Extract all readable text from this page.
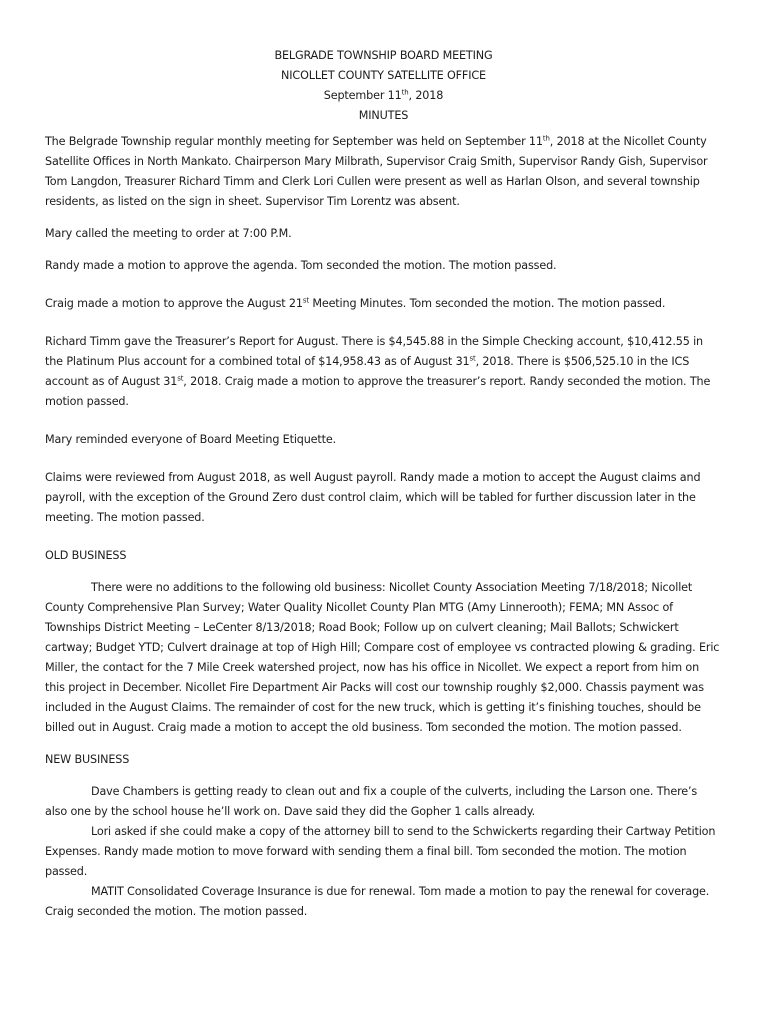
BELGRADE TOWNSHIP BOARD MEETING
NICOLLET COUNTY SATELLITE OFFICE
September 11th, 2018
MINUTES

The Belgrade Township regular monthly meeting for September was held on September 11th, 2018 at the Nicollet County Satellite Offices in North Mankato. Chairperson Mary Milbrath, Supervisor Craig Smith, Supervisor Randy Gish, Supervisor Tom Langdon, Treasurer Richard Timm and Clerk Lori Cullen were present as well as Harlan Olson, and several township residents, as listed on the sign in sheet. Supervisor Tim Lorentz was absent.

Mary called the meeting to order at 7:00 P.M.

Randy made a motion to approve the agenda. Tom seconded the motion. The motion passed.

Craig made a motion to approve the August 21st Meeting Minutes. Tom seconded the motion. The motion passed.

Richard Timm gave the Treasurer’s Report for August. There is $4,545.88 in the Simple Checking account, $10,412.55 in the Platinum Plus account for a combined total of $14,958.43 as of August 31st, 2018. There is $506,525.10 in the ICS account as of August 31st, 2018. Craig made a motion to approve the treasurer’s report. Randy seconded the motion. The motion passed.

Mary reminded everyone of Board Meeting Etiquette.

Claims were reviewed from August 2018, as well August payroll. Randy made a motion to accept the August claims and payroll, with the exception of the Ground Zero dust control claim, which will be tabled for further discussion later in the meeting. The motion passed.

OLD BUSINESS

There were no additions to the following old business: Nicollet County Association Meeting 7/18/2018; Nicollet County Comprehensive Plan Survey; Water Quality Nicollet County Plan MTG (Amy Linnerooth); FEMA; MN Assoc of Townships District Meeting – LeCenter 8/13/2018; Road Book; Follow up on culvert cleaning; Mail Ballots; Schwickert cartway; Budget YTD; Culvert drainage at top of High Hill; Compare cost of employee vs contracted plowing & grading. Eric Miller, the contact for the 7 Mile Creek watershed project, now has his office in Nicollet. We expect a report from him on this project in December. Nicollet Fire Department Air Packs will cost our township roughly $2,000. Chassis payment was included in the August Claims. The remainder of cost for the new truck, which is getting it’s finishing touches, should be billed out in August. Craig made a motion to accept the old business. Tom seconded the motion. The motion passed.

NEW BUSINESS

Dave Chambers is getting ready to clean out and fix a couple of the culverts, including the Larson one. There’s also one by the school house he’ll work on. Dave said they did the Gopher 1 calls already.

Lori asked if she could make a copy of the attorney bill to send to the Schwickerts regarding their Cartway Petition Expenses. Randy made motion to move forward with sending them a final bill. Tom seconded the motion. The motion passed.

MATIT Consolidated Coverage Insurance is due for renewal. Tom made a motion to pay the renewal for coverage. Craig seconded the motion. The motion passed.
